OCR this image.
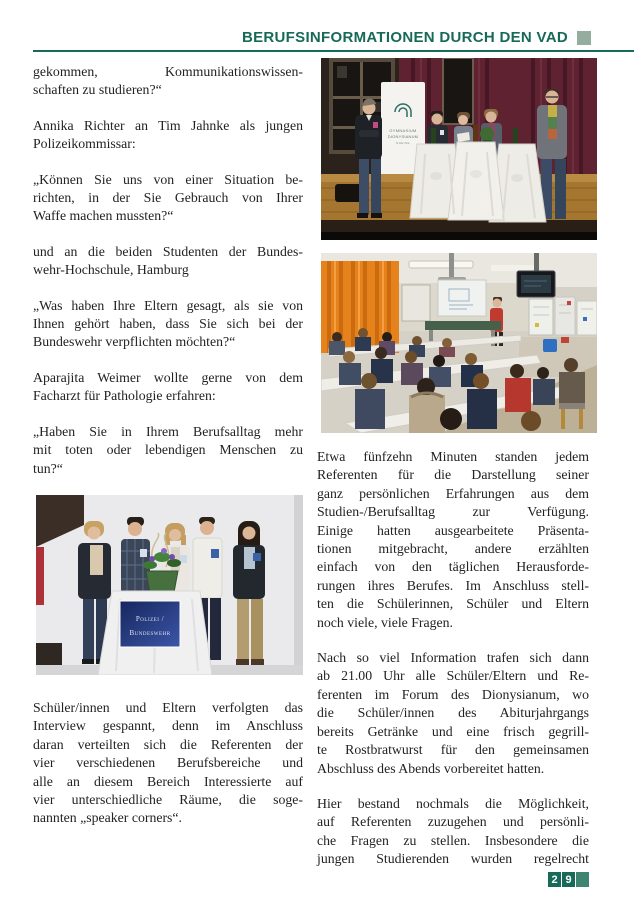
BERUFSINFORMATIONEN DURCH DEN VAD
gekommen, Kommunikationswissen-
schaften zu studieren?“
Annika Richter an Tim Jahnke als jungen
Polizeikommissar:
„Können Sie uns von einer Situation be-
richten, in der Sie Gebrauch von Ihrer
Waffe machen mussten?“
und an die beiden Studenten der Bundes-
wehr-Hochschule, Hamburg
„Was haben Ihre Eltern gesagt, als sie von
Ihnen gehört haben, dass Sie sich bei der
Bundeswehr verpflichten möchten?“
Aparajita Weimer wollte gerne von dem
Facharzt für Pathologie erfahren:
„Haben Sie in Ihrem Berufsalltag mehr
mit toten oder lebendigen Menschen zu
tun?“
Polizei /
Bundeswehr
Schüler/innen und Eltern verfolgten das
Interview gespannt, denn im Anschluss
daran verteilten sich die Referenten der
vier verschiedenen Berufsbereiche und
alle an diesem Bereich Interessierte auf
vier unterschiedliche Räume, die soge-
nannten „speaker corners“.
GYMNASIUM
DIONYSIANUM
RHEINE
Etwa fünfzehn Minuten standen jedem
Referenten für die Darstellung seiner
ganz persönlichen Erfahrungen aus dem
Studien-/Berufsalltag zur Verfügung.
Einige hatten ausgearbeitete Präsenta-
tionen mitgebracht, andere erzählten
einfach von den täglichen Herausforde-
rungen ihres Berufes. Im Anschluss stell-
ten die Schülerinnen, Schüler und Eltern
noch viele, viele Fragen.
Nach so viel Information trafen sich dann
ab 21.00 Uhr alle Schüler/Eltern und Re-
ferenten im Forum des Dionysianum, wo
die Schüler/innen des Abiturjahrgangs
bereits Getränke und eine frisch gegrill-
te Rostbratwurst für den gemeinsamen
Abschluss des Abends vorbereitet hatten.
Hier bestand nochmals die Möglichkeit,
auf Referenten zuzugehen und persönli-
che Fragen zu stellen. Insbesondere die
jungen Studierenden wurden regelrecht
2 9
